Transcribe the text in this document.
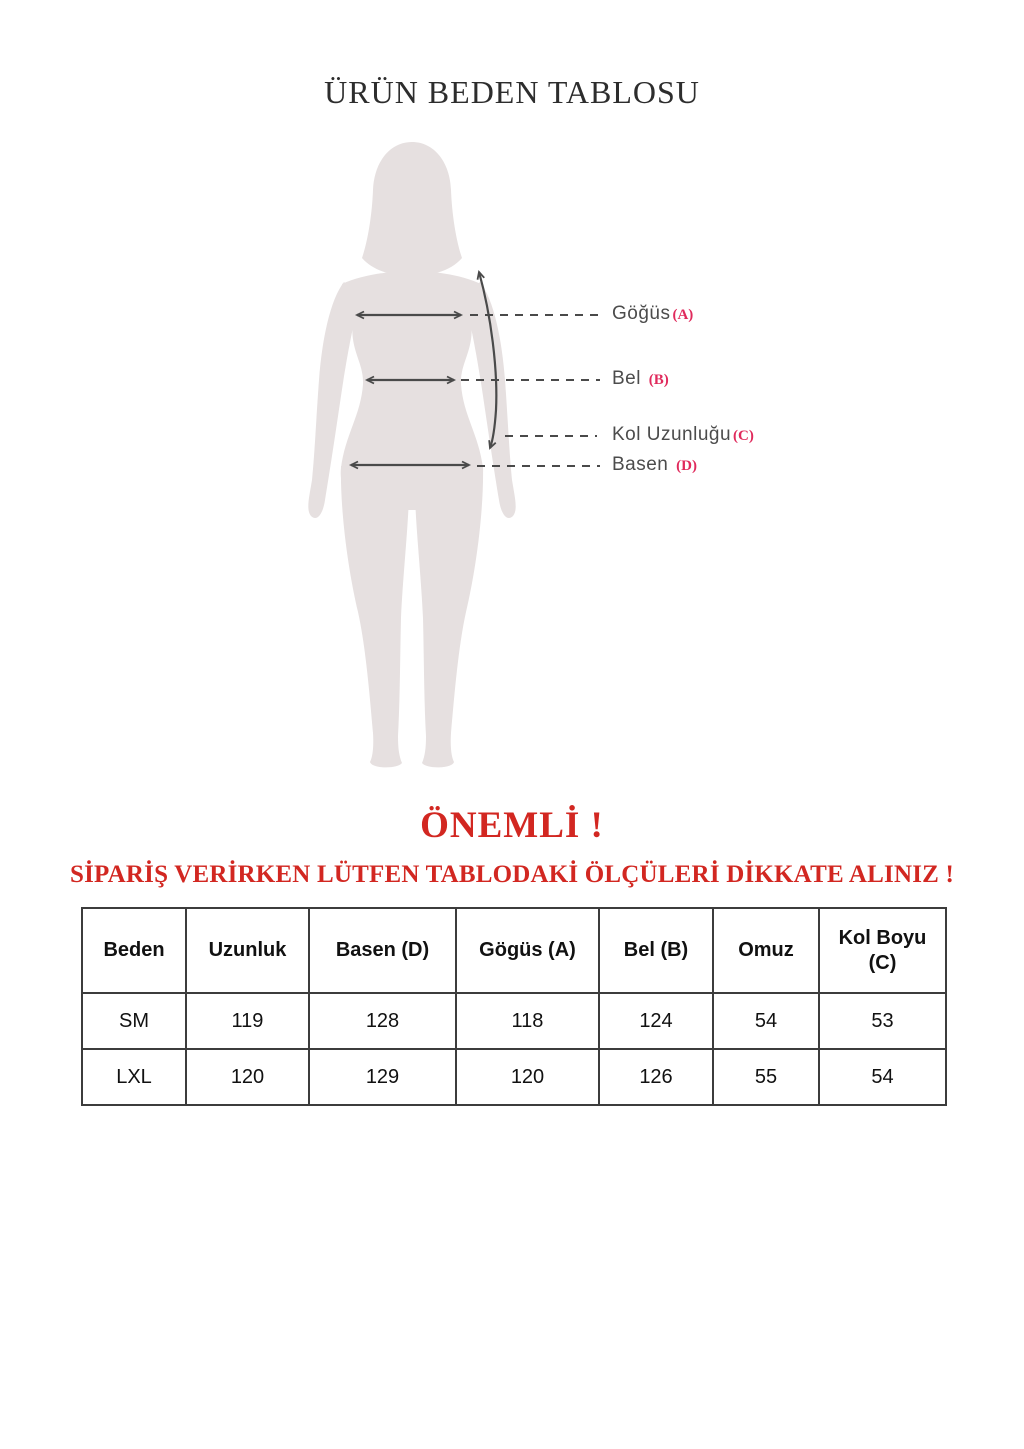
ÜRÜN BEDEN TABLOSU
Göğüs (A)
Bel (B)
Kol Uzunluğu (C)
Basen (D)
ÖNEMLİ !
SİPARİŞ VERİRKEN LÜTFEN TABLODAKİ ÖLÇÜLERİ DİKKATE ALINIZ !
Beden	Uzunluk	Basen (D)	Gögüs (A)	Bel (B)	Omuz	Kol Boyu (C)
SM	119	128	118	124	54	53
LXL	120	129	120	126	55	54
